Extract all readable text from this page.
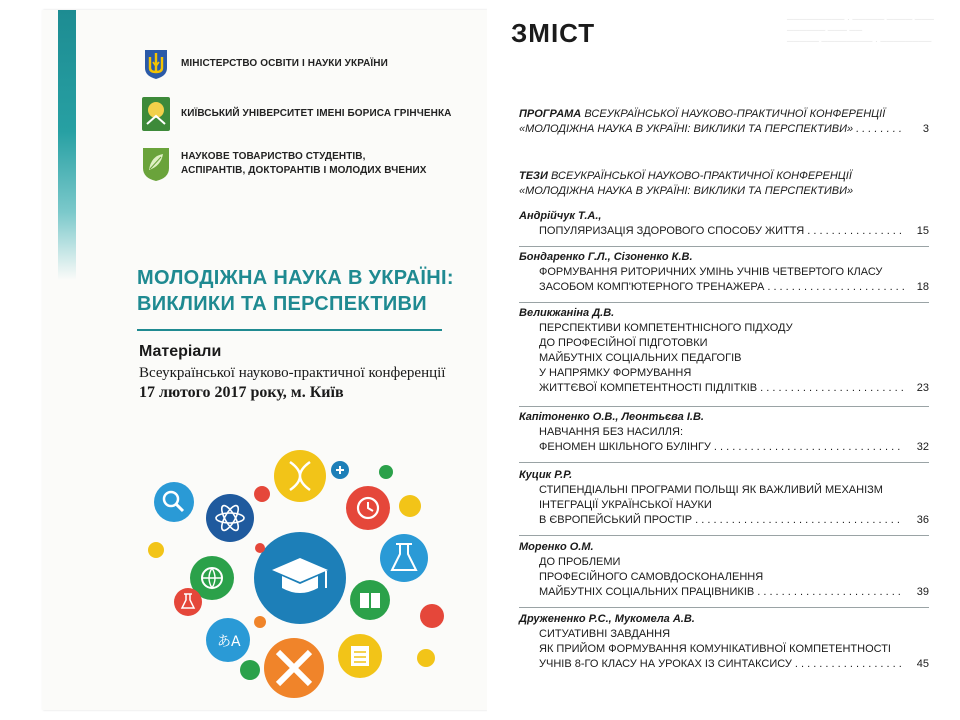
МІНІСТЕРСТВО ОСВІТИ І НАУКИ УКРАЇНИ
КИЇВСЬКИЙ УНІВЕРСИТЕТ ІМЕНІ БОРИСА ГРІНЧЕНКА
НАУКОВЕ ТОВАРИСТВО СТУДЕНТІВ,
АСПІРАНТІВ, ДОКТОРАНТІВ І МОЛОДИХ ВЧЕНИХ
МОЛОДІЖНА НАУКА В УКРАЇНІ:
ВИКЛИКИ ТА ПЕРСПЕКТИВИ
Матеріали
Всеукраїнської науково-практичної конференції
17 лютого 2017 року, м. Київ
あA
───────── · ───── ──── ─── ────── ─── ──
───── ──────── · ────────
ЗМІСТ
ПРОГРАМА ВСЕУКРАЇНСЬКОЇ НАУКОВО-ПРАКТИЧНОЇ КОНФЕРЕНЦІЇ
«МОЛОДІЖНА НАУКА В УКРАЇНІ: ВИКЛИКИ ТА ПЕРСПЕКТИВИ» . . .	3
ТЕЗИ ВСЕУКРАЇНСЬКОЇ НАУКОВО-ПРАКТИЧНОЇ КОНФЕРЕНЦІЇ
«МОЛОДІЖНА НАУКА В УКРАЇНІ: ВИКЛИКИ ТА ПЕРСПЕКТИВИ»
Андрійчук Т.А.,
ПОПУЛЯРИЗАЦІЯ ЗДОРОВОГО СПОСОБУ ЖИТТЯ . . .	15
Бондаренко Г.Л., Сізоненко К.В.
ФОРМУВАННЯ РИТОРИЧНИХ УМІНЬ УЧНІВ ЧЕТВЕРТОГО КЛАСУ
ЗАСОБОМ КОМП'ЮТЕРНОГО ТРЕНАЖЕРА . . .	18
Великжаніна Д.В.
ПЕРСПЕКТИВИ КОМПЕТЕНТНІСНОГО ПІДХОДУ
ДО ПРОФЕСІЙНОЇ ПІДГОТОВКИ
МАЙБУТНІХ СОЦІАЛЬНИХ ПЕДАГОГІВ
У НАПРЯМКУ ФОРМУВАННЯ
ЖИТТЄВОЇ КОМПЕТЕНТНОСТІ ПІДЛІТКІВ . . .	23
Капітоненко О.В., Леонтьєва І.В.
НАВЧАННЯ БЕЗ НАСИЛЛЯ:
ФЕНОМЕН ШКІЛЬНОГО БУЛІНГУ . . .	32
Куцик Р.Р.
СТИПЕНДІАЛЬНІ ПРОГРАМИ ПОЛЬЩІ ЯК ВАЖЛИВИЙ МЕХАНІЗМ
ІНТЕГРАЦІЇ УКРАЇНСЬКОЇ НАУКИ
В ЄВРОПЕЙСЬКИЙ ПРОСТІР . . .	36
Моренко О.М.
ДО ПРОБЛЕМИ
ПРОФЕСІЙНОГО САМОВДОСКОНАЛЕННЯ
МАЙБУТНІХ СОЦІАЛЬНИХ ПРАЦІВНИКІВ . . .	39
Дружененко Р.С., Мукомела А.В.
СИТУАТИВНІ ЗАВДАННЯ
ЯК ПРИЙОМ ФОРМУВАННЯ КОМУНІКАТИВНОЇ КОМПЕТЕНТНОСТІ
УЧНІВ 8-ГО КЛАСУ НА УРОКАХ ІЗ СИНТАКСИСУ . . .	45
